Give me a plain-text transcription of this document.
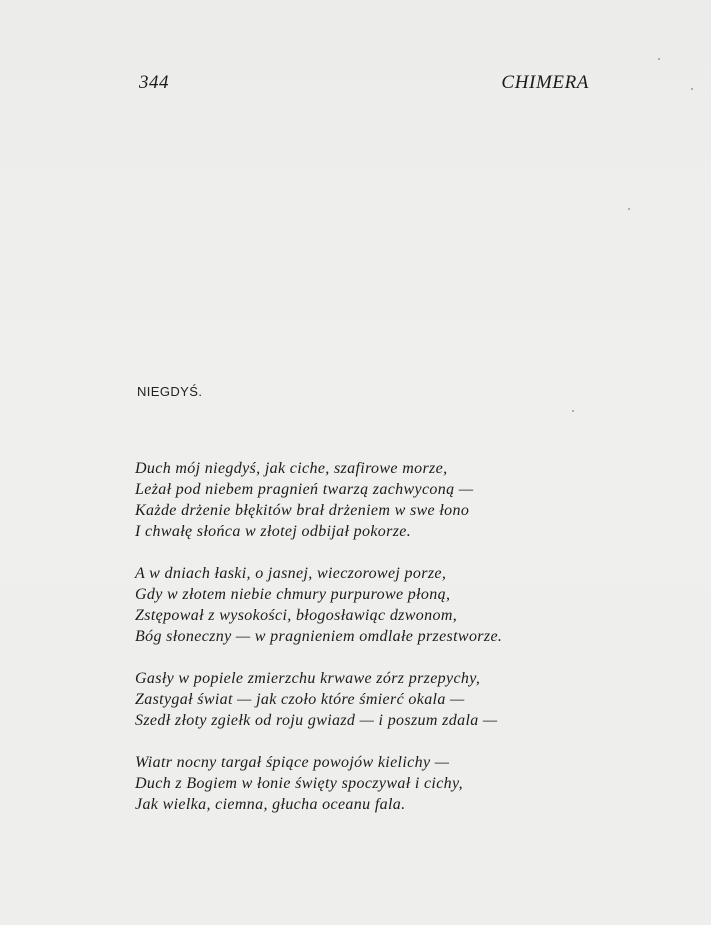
344	CHIMERA
NIEGDYŚ.
Duch mój niegdyś, jak ciche, szafirowe morze,
Leżał pod niebem pragnień twarzą zachwyconą —
Każde drżenie błękitów brał drżeniem w swe łono
I chwałę słońca w złotej odbijał pokorze.
A w dniach łaski, o jasnej, wieczorowej porze,
Gdy w złotem niebie chmury purpurowe płoną,
Zstępował z wysokości, błogosławiąc dzwonom,
Bóg słoneczny — w pragnieniem omdlałe przestworze.
Gasły w popiele zmierzchu krwawe zórz przepychy,
Zastygał świat — jak czoło które śmierć okala —
Szedł złoty zgiełk od roju gwiazd — i poszum zdala —
Wiatr nocny targał śpiące powojów kielichy —
Duch z Bogiem w łonie święty spoczywał i cichy,
Jak wielka, ciemna, głucha oceanu fala.
